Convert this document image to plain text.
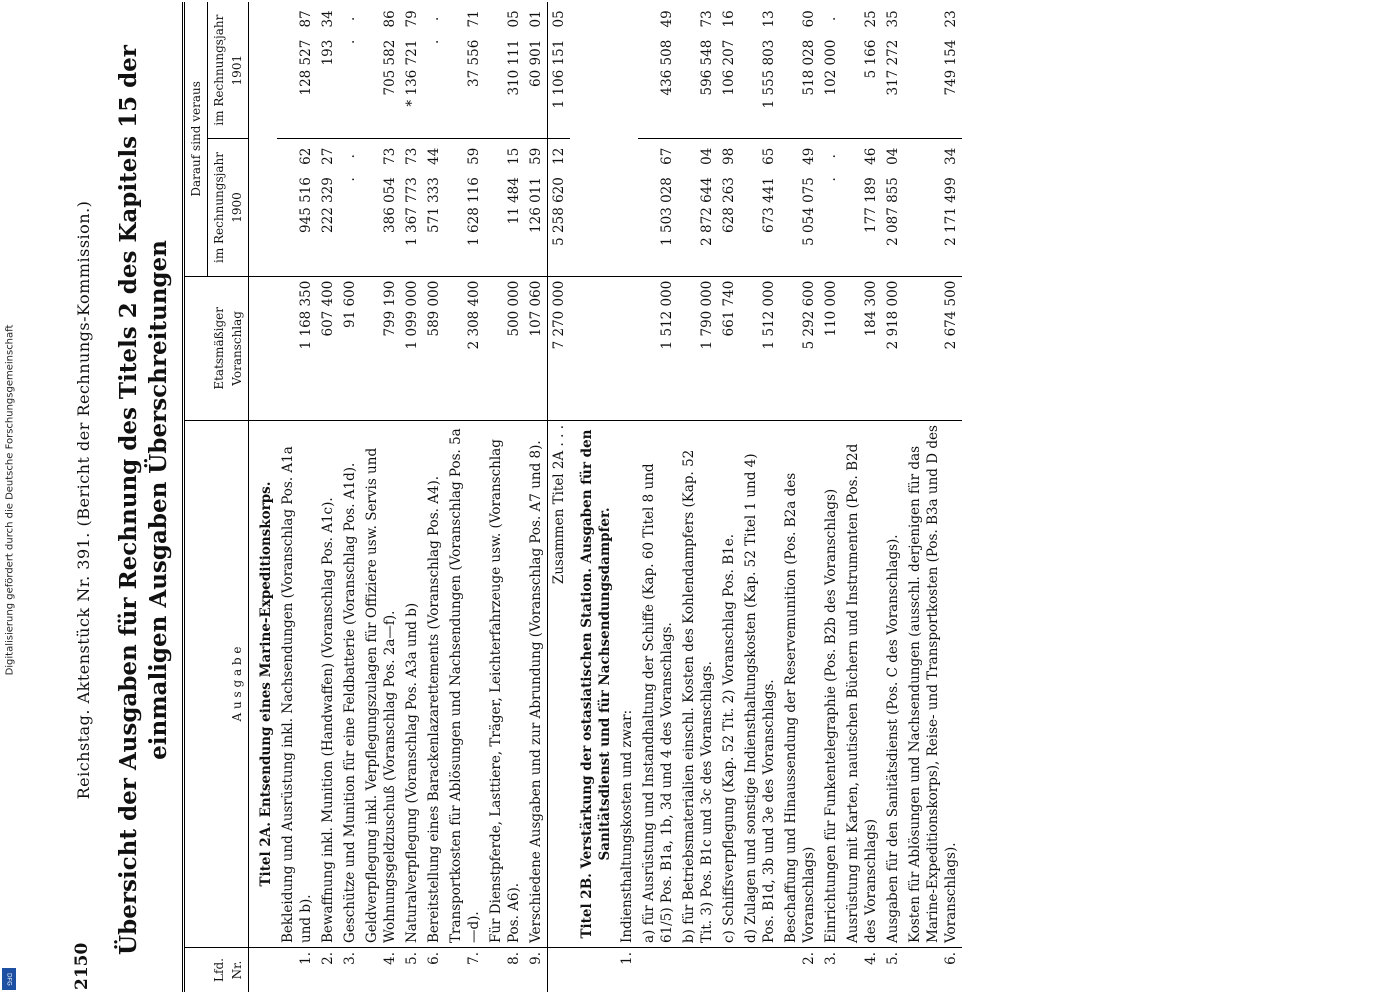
Digitalisierung gefördert durch die Deutsche Forschungsgemeinschaft
DFG	2150
Reichstag. Aktenstück Nr. 391. (Bericht der Rechnungs-Kommission.) Übersicht der Ausgaben für Rechnung des Titels 2 des Kapitels 15 der einmaligen Ausgaben Überschreitungen
Lfd. Nr.	A u s g a b e	Etatsmäßiger Voranschlag	Darauf sind veraus			
			im Rechnungsjahr 1900		im Rechnungsjahr 1901	
	Titel 2A. Entsendung eines Marine-Expeditionskorps.					
1.	Bekleidung und Ausrüstung inkl. Nachsendungen (Voranschlag Pos. A1a und b).	1 168 350	945 516	62	128 527	87
2.	Bewaffnung inkl. Munition (Handwaffen) (Voranschlag Pos. A1c).	607 400	222 329	27	193	34
3.	Geschütze und Munition für eine Feldbatterie (Voranschlag Pos. A1d).	91 600	.	.	.	.
4.	Geldverpflegung inkl. Verpflegungszulagen für Offiziere usw. Servis und Wohnungsgeldzuschuß (Voranschlag Pos. 2a—f).	799 190	386 054	73	705 582	86
5.	Naturalverpflegung (Voranschlag Pos. A3a und b)	1 099 000	1 367 773	73	* 136 721	79
6.	Bereitstellung eines Barackenlazarettements (Voranschlag Pos. A4).	589 000	571 333	44	.	.
7.	Transportkosten für Ablösungen und Nachsendungen (Voranschlag Pos. 5a—d).	2 308 400	1 628 116	59	37 556	71
8.	Für Dienstpferde, Lasttiere, Träger, Leichterfahrzeuge usw. (Voranschlag Pos. A6).	500 000	11 484	15	310 111	05
9.	Verschiedene Ausgaben und zur Abrundung (Voranschlag Pos. A7 und 8).	107 060	126 011	59	60 901	01
	Zusammen Titel 2A . . .	7 270 000	5 258 620	12	1 106 151	05
	Titel 2B. Verstärkung der ostasiatischen Station. Ausgaben für den Sanitätsdienst und für Nachsendungsdampfer.					
1.	Indiensthaltungskosten und zwar:					
	a) für Ausrüstung und Instandhaltung der Schiffe (Kap. 60 Titel 8 und 61/5) Pos. B1a, 1b, 3d und 4 des Voranschlags.	1 512 000	1 503 028	67	436 508	49
	b) für Betriebsmaterialien einschl. Kosten des Kohlendampfers (Kap. 52 Tit. 3) Pos. B1c und 3c des Voranschlags.	1 790 000	2 872 644	04	596 548	73
	c) Schiffsverpflegung (Kap. 52 Tit. 2) Voranschlag Pos. B1e.	661 740	628 263	98	106 207	16
	d) Zulagen und sonstige Indiensthaltungskosten (Kap. 52 Titel 1 und 4) Pos. B1d, 3b und 3e des Voranschlags.	1 512 000	673 441	65	1 555 803	13
2.	Beschaffung und Hinaussendung der Reservemunition (Pos. B2a des Voranschlags)	5 292 600	5 054 075	49	518 028	60
3.	Einrichtungen für Funkentelegraphie (Pos. B2b des Voranschlags)	110 000	.	.	102 000	.
4.	Ausrüstung mit Karten, nautischen Büchern und Instrumenten (Pos. B2d des Voranschlags)	184 300	177 189	46	5 166	25
5.	Ausgaben für den Sanitätsdienst (Pos. C des Voranschlags).	2 918 000	2 087 855	04	317 272	35
6.	Kosten für Ablösungen und Nachsendungen (ausschl. derjenigen für das Marine-Expeditionskorps), Reise- und Transportkosten (Pos. B3a und D des Voranschlags).	2 674 500	2 171 499	34	749 154	23
